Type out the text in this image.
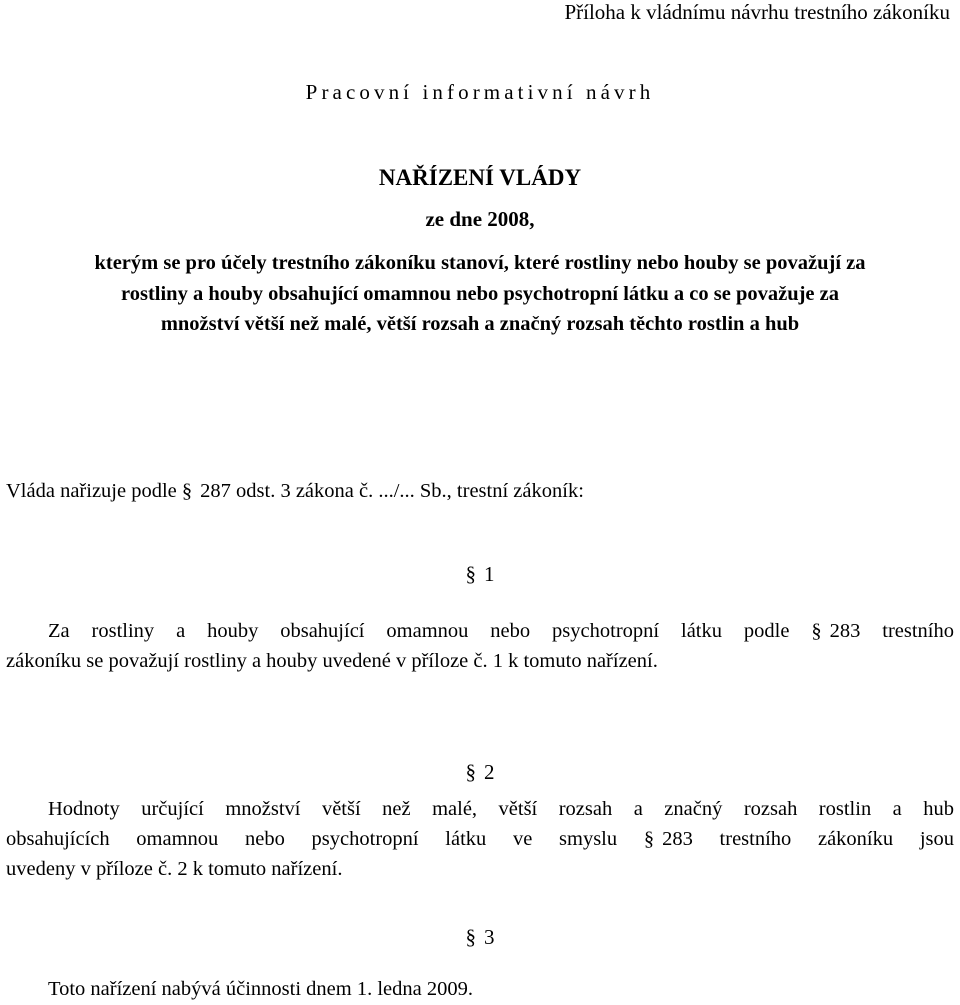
Příloha k vládnímu návrhu trestního zákoníku
Pracovní informativní návrh
NAŘÍZENÍ VLÁDY
ze dne 2008,
kterým se pro účely trestního zákoníku stanoví, které rostliny nebo houby se považují za
rostliny a houby obsahující omamnou nebo psychotropní látku a co se považuje za
množství větší než malé, větší rozsah a značný rozsah těchto rostlin a hub
Vláda nařizuje podle § 287 odst. 3 zákona č. .../... Sb., trestní zákoník:
§ 1
Za rostliny a houby obsahující omamnou nebo psychotropní látku podle § 283 trestního
zákoníku se považují rostliny a houby uvedené v příloze č. 1 k tomuto nařízení.
§ 2
Hodnoty určující množství větší než malé, větší rozsah a značný rozsah rostlin a hub
obsahujících omamnou nebo psychotropní látku ve smyslu § 283 trestního zákoníku jsou
uvedeny v příloze č. 2 k tomuto nařízení.
§ 3
Toto nařízení nabývá účinnosti dnem 1. ledna 2009.
